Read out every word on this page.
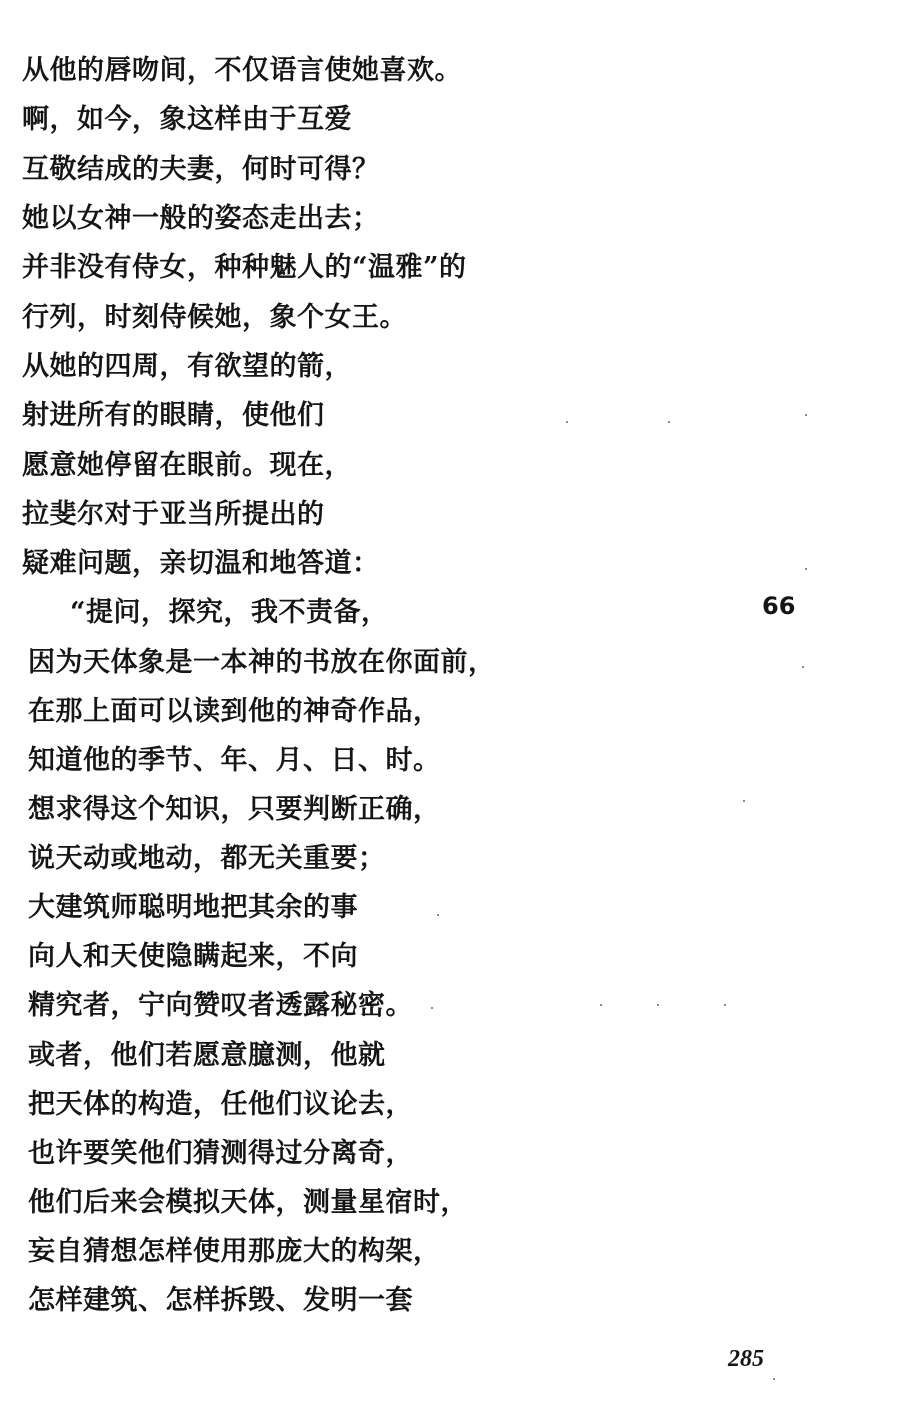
从他的唇吻间，不仅语言使她喜欢。
啊，如今，象这样由于互爱
互敬结成的夫妻，何时可得？
她以女神一般的姿态走出去；
并非没有侍女，种种魅人的“温雅”的
行列，时刻侍候她，象个女王。
从她的四周，有欲望的箭，
射进所有的眼睛，使他们
愿意她停留在眼前。现在，
拉斐尔对于亚当所提出的
疑难问题，亲切温和地答道：
“提问，探究，我不责备，
因为天体象是一本神的书放在你面前，
在那上面可以读到他的神奇作品，
知道他的季节、年、月、日、时。
想求得这个知识，只要判断正确，
说天动或地动，都无关重要；
大建筑师聪明地把其余的事
向人和天使隐瞒起来，不向
精究者，宁向赞叹者透露秘密。
或者，他们若愿意臆测，他就
把天体的构造，任他们议论去，
也许要笑他们猜测得过分离奇，
他们后来会模拟天体，测量星宿时，
妄自猜想怎样使用那庞大的构架，
怎样建筑、怎样拆毁、发明一套
66
285
